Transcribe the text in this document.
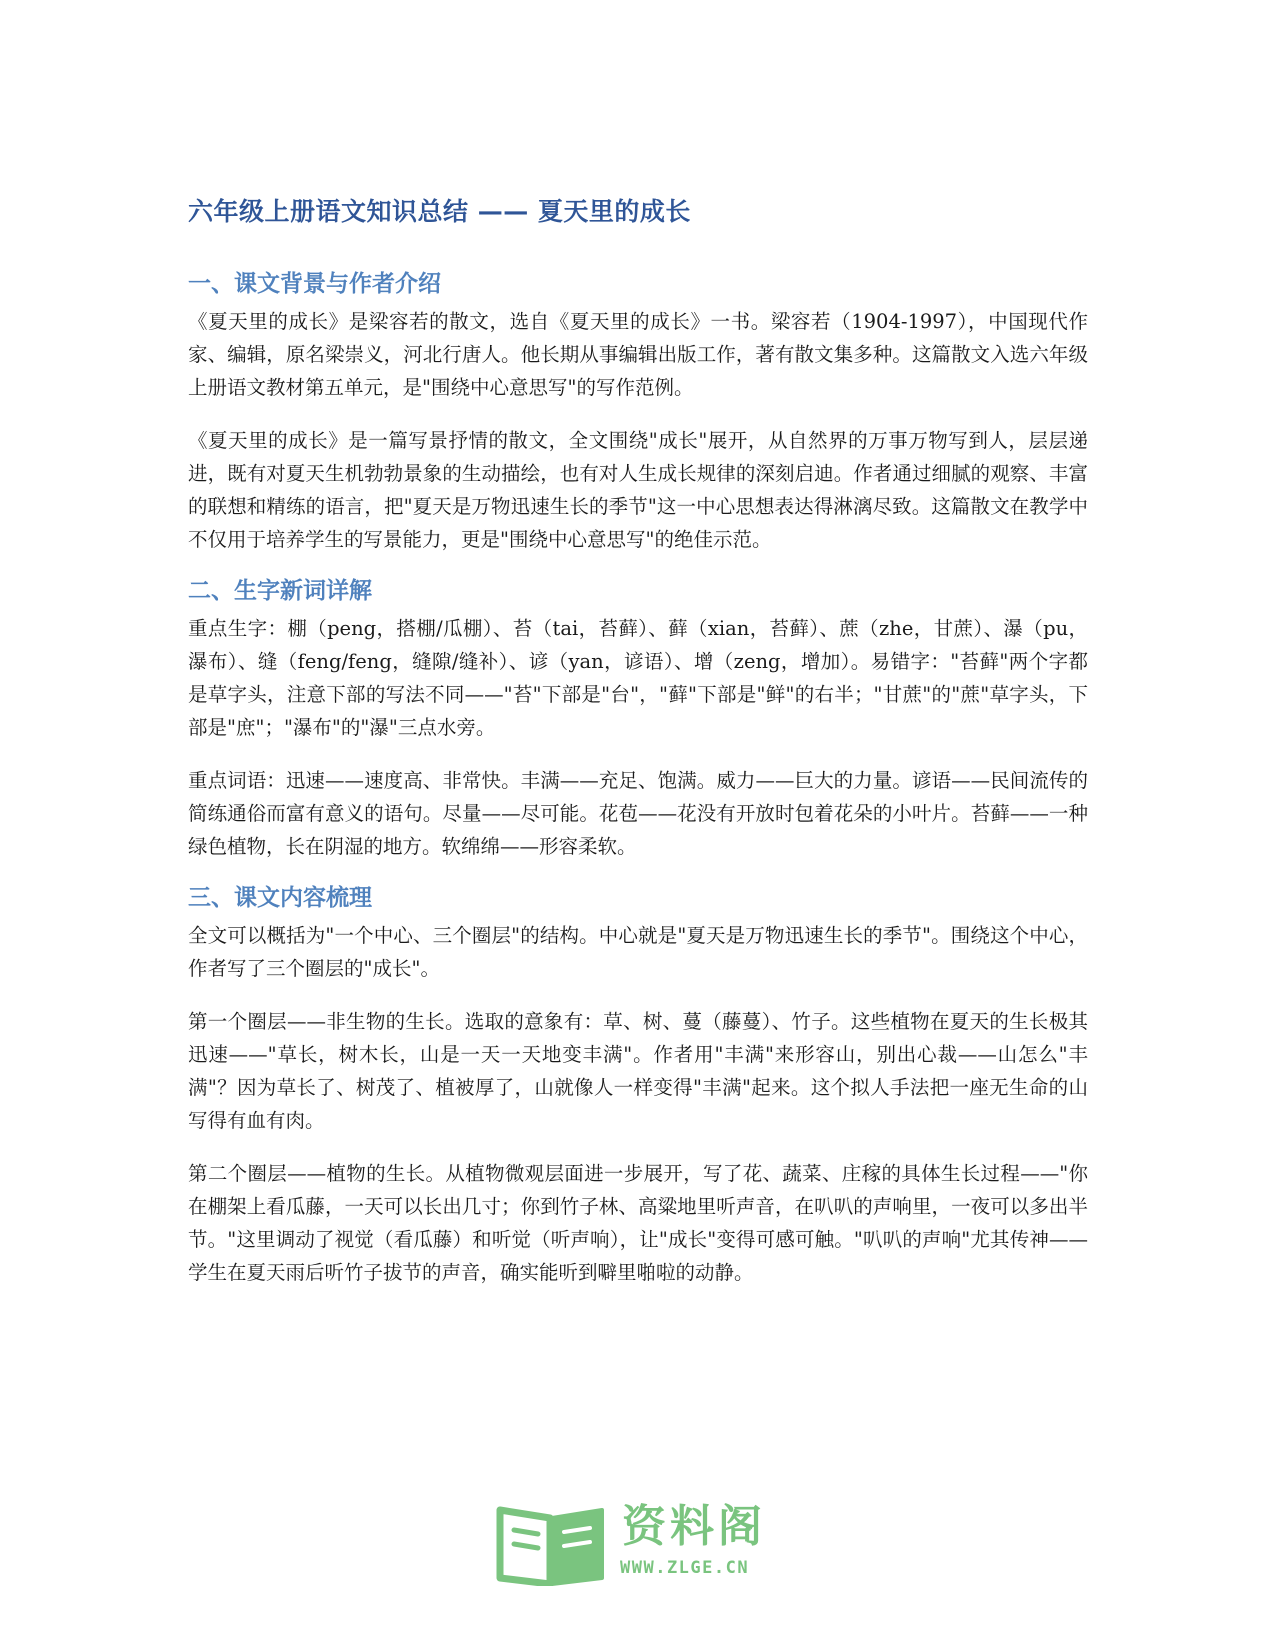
六年级上册语文知识总结 —— 夏天里的成长
一、课文背景与作者介绍

《夏天里的成长》是梁容若的散文，选自《夏天里的成长》一书。梁容若（1904-1997），中国现代作家、编辑，原名梁崇义，河北行唐人。他长期从事编辑出版工作，著有散文集多种。这篇散文入选六年级上册语文教材第五单元，是"围绕中心意思写"的写作范例。

《夏天里的成长》是一篇写景抒情的散文，全文围绕"成长"展开，从自然界的万事万物写到人，层层递进，既有对夏天生机勃勃景象的生动描绘，也有对人生成长规律的深刻启迪。作者通过细腻的观察、丰富的联想和精练的语言，把"夏天是万物迅速生长的季节"这一中心思想表达得淋漓尽致。这篇散文在教学中不仅用于培养学生的写景能力，更是"围绕中心意思写"的绝佳示范。

二、生字新词详解

重点生字：棚（peng，搭棚/瓜棚）、苔（tai，苔藓）、藓（xian，苔藓）、蔗（zhe，甘蔗）、瀑（pu，瀑布）、缝（feng/feng，缝隙/缝补）、谚（yan，谚语）、增（zeng，增加）。易错字："苔藓"两个字都是草字头，注意下部的写法不同——"苔"下部是"台"，"藓"下部是"鲜"的右半；"甘蔗"的"蔗"草字头，下部是"庶"；"瀑布"的"瀑"三点水旁。

重点词语：迅速——速度高、非常快。丰满——充足、饱满。威力——巨大的力量。谚语——民间流传的简练通俗而富有意义的语句。尽量——尽可能。花苞——花没有开放时包着花朵的小叶片。苔藓——一种绿色植物，长在阴湿的地方。软绵绵——形容柔软。

三、课文内容梳理

全文可以概括为"一个中心、三个圈层"的结构。中心就是"夏天是万物迅速生长的季节"。围绕这个中心，作者写了三个圈层的"成长"。

第一个圈层——非生物的生长。选取的意象有：草、树、蔓（藤蔓）、竹子。这些植物在夏天的生长极其迅速——"草长，树木长，山是一天一天地变丰满"。作者用"丰满"来形容山，别出心裁——山怎么"丰满"？因为草长了、树茂了、植被厚了，山就像人一样变得"丰满"起来。这个拟人手法把一座无生命的山写得有血有肉。

第二个圈层——植物的生长。从植物微观层面进一步展开，写了花、蔬菜、庄稼的具体生长过程——"你在棚架上看瓜藤，一天可以长出几寸；你到竹子林、高粱地里听声音，在叭叭的声响里，一夜可以多出半节。"这里调动了视觉（看瓜藤）和听觉（听声响），让"成长"变得可感可触。"叭叭的声响"尤其传神——学生在夏天雨后听竹子拔节的声音，确实能听到噼里啪啦的动静。

资料阁
WWW.ZLGE.CN
